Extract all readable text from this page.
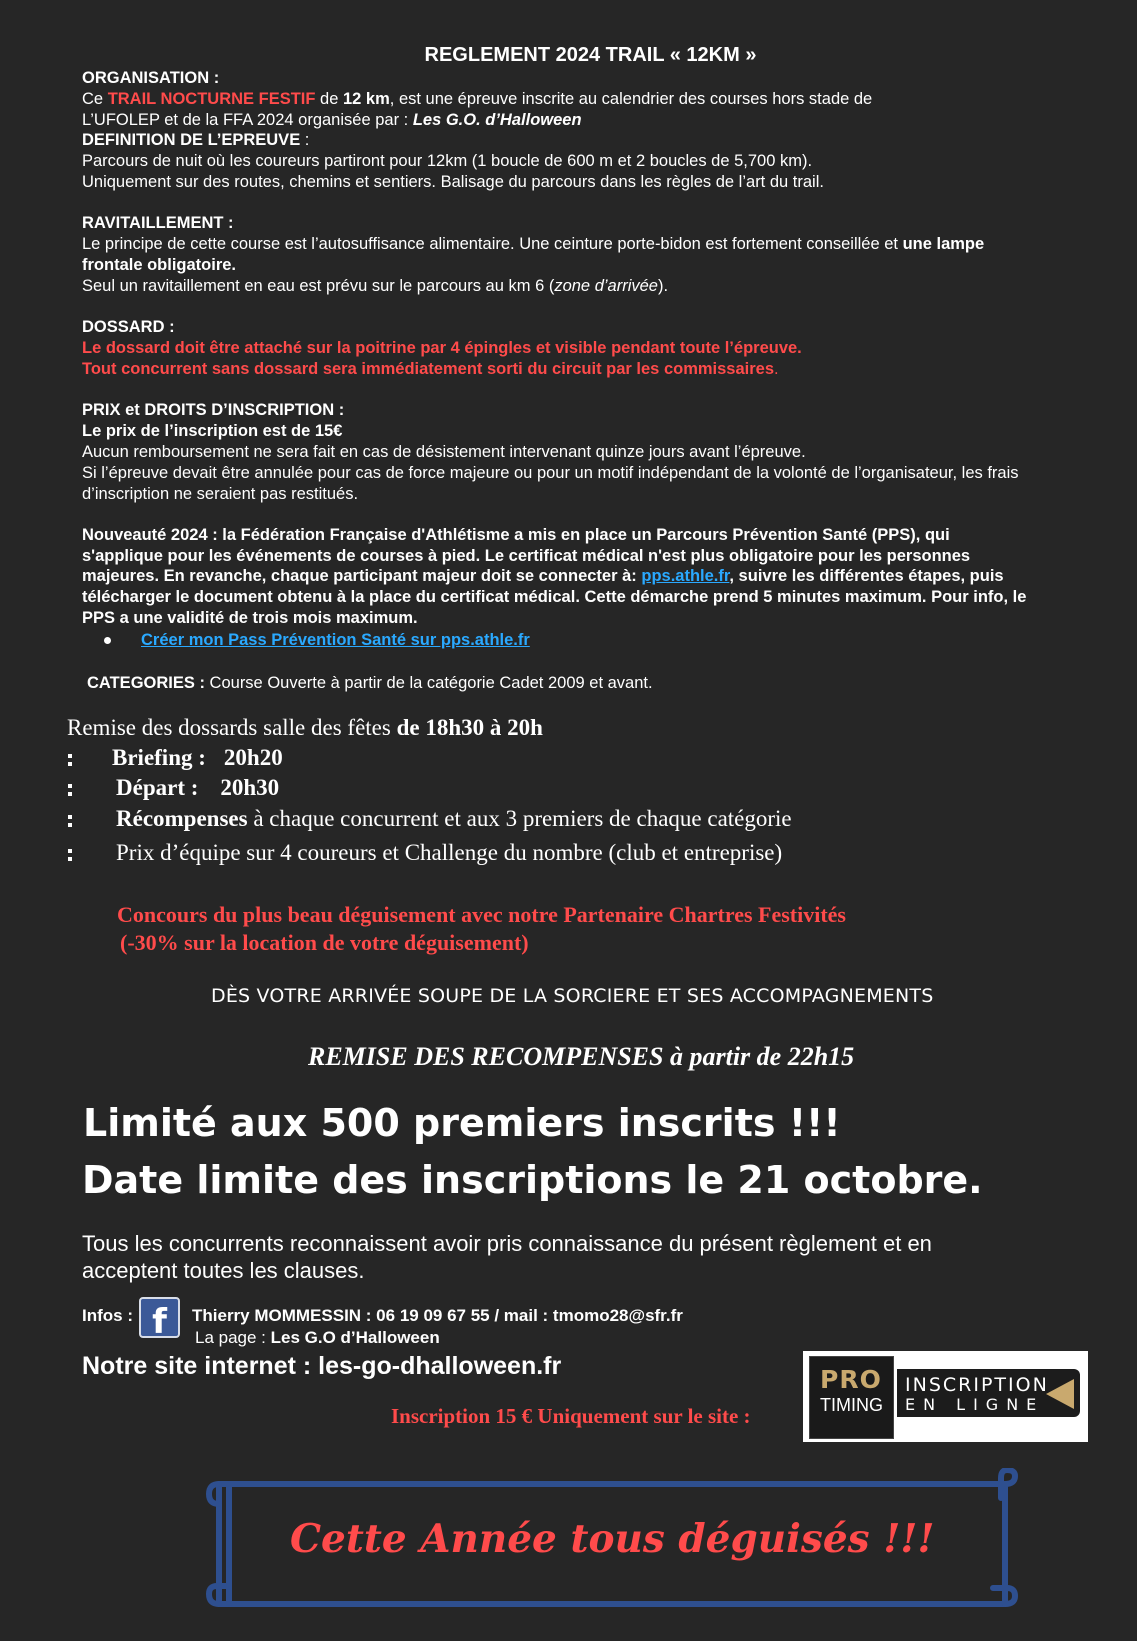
REGLEMENT 2024 TRAIL « 12KM »
ORGANISATION :
Ce TRAIL NOCTURNE FESTIF de 12 km, est une épreuve inscrite au calendrier des courses hors stade de
L’UFOLEP et de la FFA 2024 organisée par : Les G.O. d’Halloween
DEFINITION DE L’EPREUVE :
Parcours de nuit où les coureurs partiront pour 12km (1 boucle de 600 m et 2 boucles de 5,700 km).
Uniquement sur des routes, chemins et sentiers. Balisage du parcours dans les règles de l’art du trail.
RAVITAILLEMENT :
Le principe de cette course est l’autosuffisance alimentaire. Une ceinture porte-bidon est fortement conseillée et une lampe
frontale obligatoire.
Seul un ravitaillement en eau est prévu sur le parcours au km 6 (zone d’arrivée).
DOSSARD :
Le dossard doit être attaché sur la poitrine par 4 épingles et visible pendant toute l’épreuve.
Tout concurrent sans dossard sera immédiatement sorti du circuit par les commissaires.
PRIX et DROITS D’INSCRIPTION :
Le prix de l’inscription est de 15€
Aucun remboursement ne sera fait en cas de désistement intervenant quinze jours avant l’épreuve.
Si l’épreuve devait être annulée pour cas de force majeure ou pour un motif indépendant de la volonté de l’organisateur, les frais
d’inscription ne seraient pas restitués.
Nouveauté 2024 : la Fédération Française d'Athlétisme a mis en place un Parcours Prévention Santé (PPS), qui
s'applique pour les événements de courses à pied. Le certificat médical n'est plus obligatoire pour les personnes
majeures. En revanche, chaque participant majeur doit se connecter à: pps.athle.fr, suivre les différentes étapes, puis
télécharger le document obtenu à la place du certificat médical. Cette démarche prend 5 minutes maximum. Pour info, le
PPS a une validité de trois mois maximum.
Créer mon Pass Prévention Santé sur pps.athle.fr
CATEGORIES : Course Ouverte à partir de la catégorie Cadet 2009 et avant.
Remise des dossards salle des fêtes de 18h30 à 20h
Briefing : 20h20
Départ : 20h30
Récompenses à chaque concurrent et aux 3 premiers de chaque catégorie
Prix d’équipe sur 4 coureurs et Challenge du nombre (club et entreprise)
Concours du plus beau déguisement avec notre Partenaire Chartres Festivités
(-30% sur la location de votre déguisement)
DÈS VOTRE ARRIVÉE SOUPE DE LA SORCIERE ET SES ACCOMPAGNEMENTS
REMISE DES RECOMPENSES à partir de 22h15
Limité aux 500 premiers inscrits !!!
Date limite des inscriptions le 21 octobre.
Tous les concurrents reconnaissent avoir pris connaissance du présent règlement et en
acceptent toutes les clauses.
Infos : f	Thierry MOMMESSIN : 06 19 09 67 55 / mail : tmomo28@sfr.fr
La page : Les G.O d’Halloween
Notre site internet : les-go-dhalloween.fr
Inscription 15 € Uniquement sur le site :
PRO
TIMING
INSCRIPTION
EN LIGNE
Cette Année tous déguisés !!!
